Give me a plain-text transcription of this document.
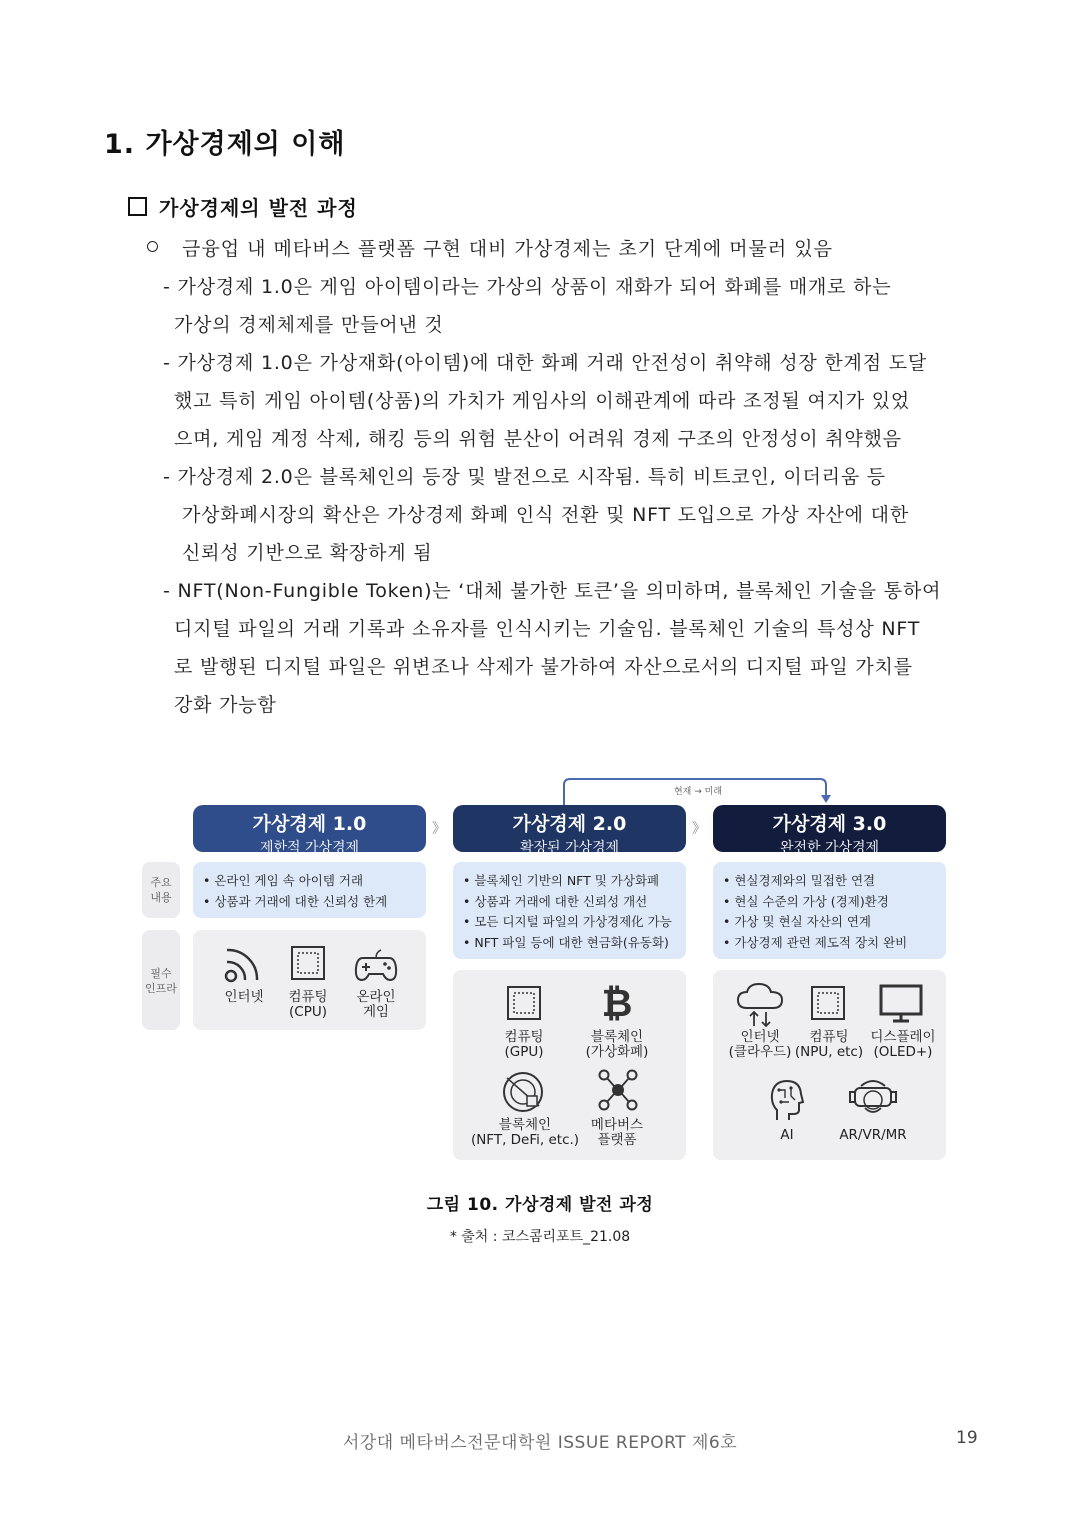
1. 가상경제의 이해
가상경제의 발전 과정
금융업 내 메타버스 플랫폼 구현 대비 가상경제는 초기 단계에 머물러 있음
- 가상경제 1.0은 게임 아이템이라는 가상의 상품이 재화가 되어 화폐를 매개로 하는
가상의 경제체제를 만들어낸 것
- 가상경제 1.0은 가상재화(아이템)에 대한 화폐 거래 안전성이 취약해 성장 한계점 도달
했고 특히 게임 아이템(상품)의 가치가 게임사의 이해관계에 따라 조정될 여지가 있었
으며, 게임 계정 삭제, 해킹 등의 위험 분산이 어려워 경제 구조의 안정성이 취약했음
- 가상경제 2.0은 블록체인의 등장 및 발전으로 시작됨. 특히 비트코인, 이더리움 등
가상화폐시장의 확산은 가상경제 화폐 인식 전환 및 NFT 도입으로 가상 자산에 대한
신뢰성 기반으로 확장하게 됨
- NFT(Non-Fungible Token)는 ‘대체 불가한 토큰’을 의미하며, 블록체인 기술을 통하여
디지털 파일의 거래 기록과 소유자를 인식시키는 기술임. 블록체인 기술의 특성상 NFT
로 발행된 디지털 파일은 위변조나 삭제가 불가하여 자산으로서의 디지털 파일 가치를
강화 가능함
현재 → 미래
가상경제 1.0
제한적 가상경제
》	가상경제 2.0
확장된 가상경제
》	가상경제 3.0
완전한 가상경제
주요
내용
필수
인프라
• 온라인 게임 속 아이템 거래
• 상품과 거래에 대한 신뢰성 한계
• 블록체인 기반의 NFT 및 가상화폐
• 상품과 거래에 대한 신뢰성 개선
• 모든 디지털 파일의 가상경제化 가능
• NFT 파일 등에 대한 현금화(유동화)
• 현실경제와의 밀접한 연결
• 현실 수준의 가상 (경제)환경
• 가상 및 현실 자산의 연계
• 가상경제 관련 제도적 장치 완비
인터넷	컴퓨팅
(CPU)
온라인
게임
컴퓨팅
(GPU)
₿
블록체인
(가상화폐)
블록체인
(NFT, DeFi, etc.)
메타버스
플랫폼
인터넷
(클라우드)
컴퓨팅
(NPU, etc)
디스플레이
(OLED+)
AI	AR/VR/MR
그림 10. 가상경제 발전 과정
* 출처 : 코스콤리포트_21.08
서강대 메타버스전문대학원 ISSUE REPORT 제6호	19
